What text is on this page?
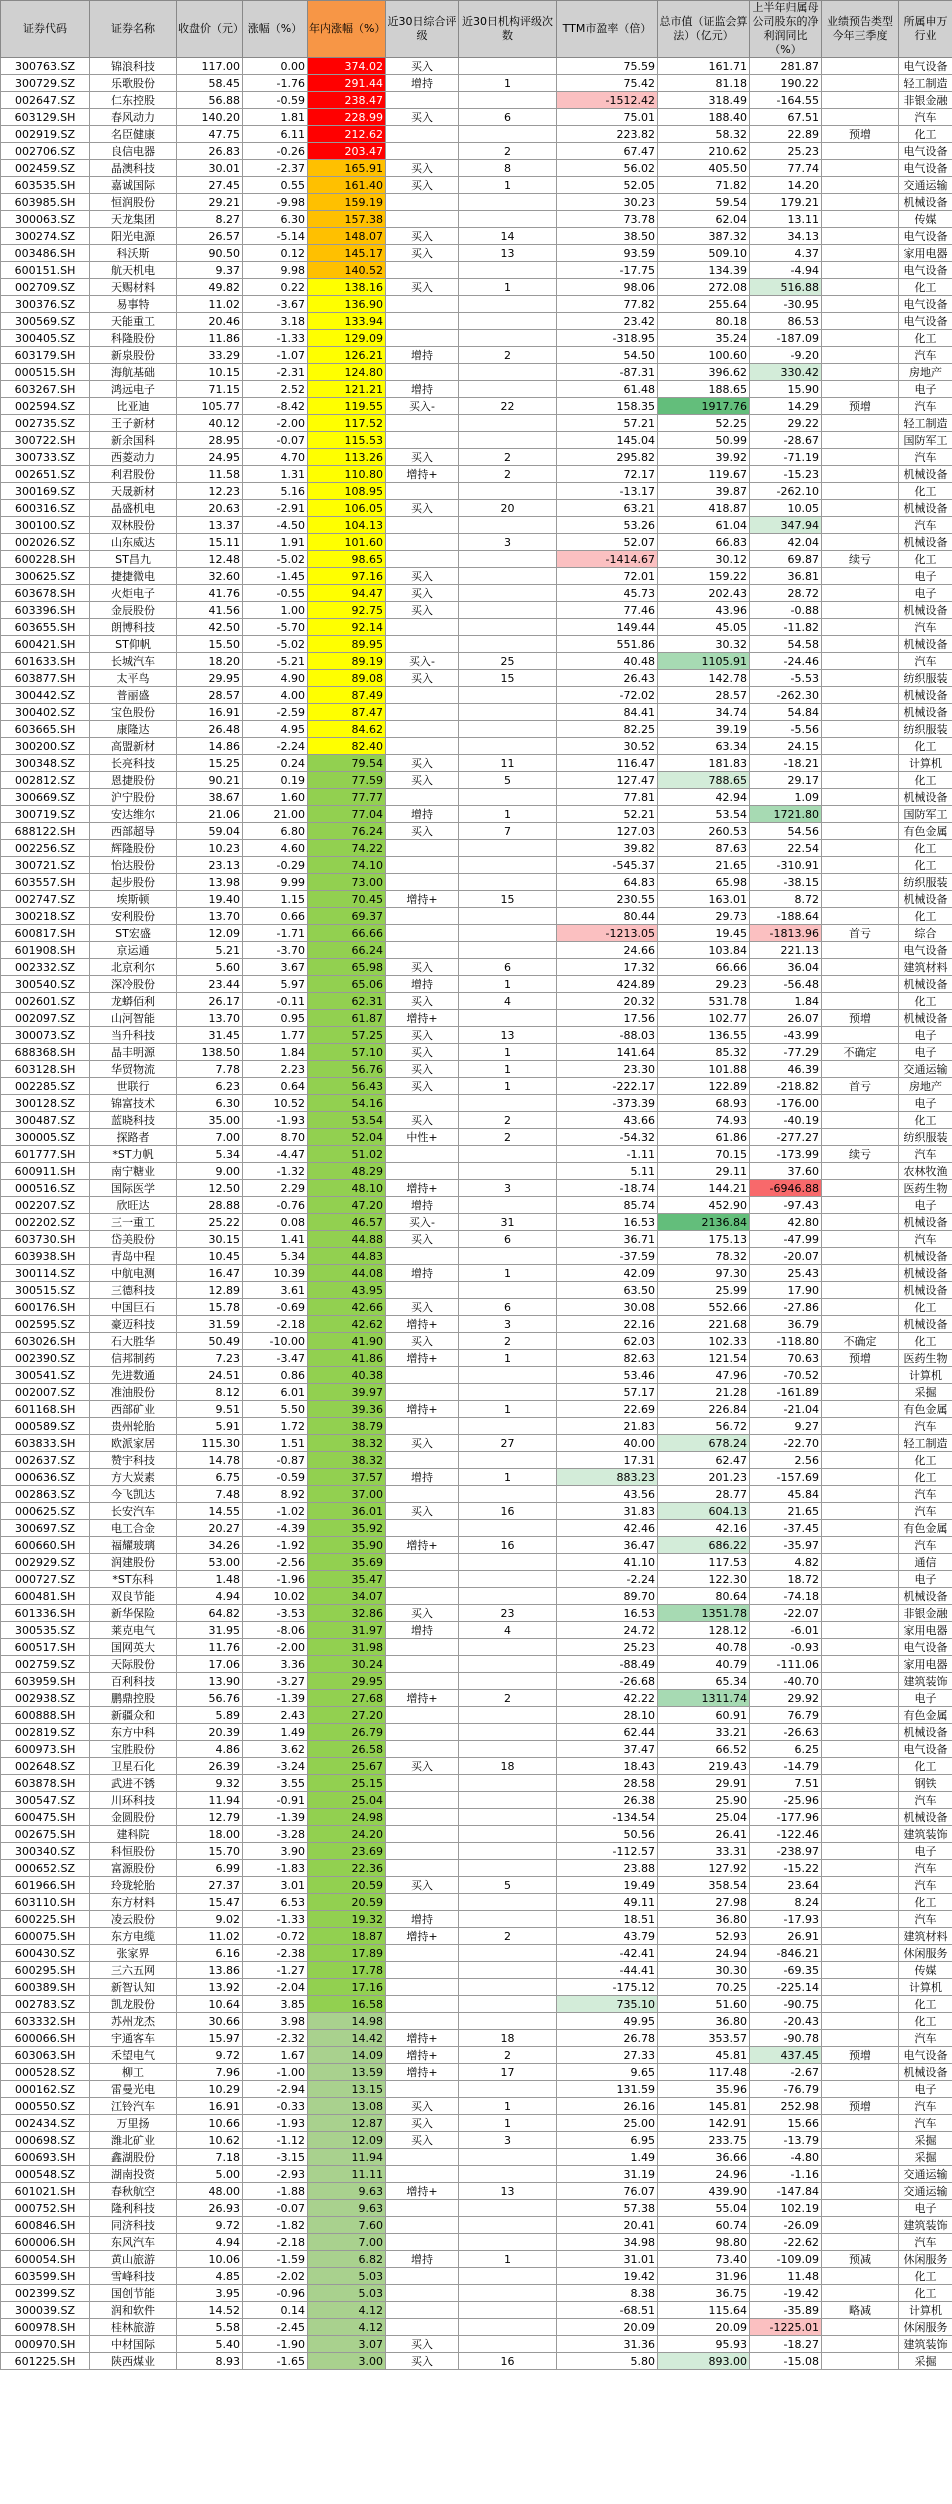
证券代码	证券名称	收盘价（元）	涨幅（%）	年内涨幅（%）	近30日综合评级	近30日机构评级次数	TTM市盈率（倍）	总市值（证监会算法）（亿元）	上半年归属母公司股东的净利润同比（%）	业绩预告类型今年三季度	所属申万行业
300763.SZ	锦浪科技	117.00	0.00	374.02	买入		75.59	161.71	281.87		电气设备
300729.SZ	乐歌股份	58.45	-1.76	291.44	增持	1	75.42	81.18	190.22		轻工制造
002647.SZ	仁东控股	56.88	-0.59	238.47			-1512.42	318.49	-164.55		非银金融
603129.SH	春风动力	140.20	1.81	228.99	买入	6	75.01	188.40	67.51		汽车
002919.SZ	名臣健康	47.75	6.11	212.62			223.82	58.32	22.89	预增	化工
002706.SZ	良信电器	26.83	-0.26	203.47		2	67.47	210.62	25.23		电气设备
002459.SZ	晶澳科技	30.01	-2.37	165.91	买入	8	56.02	405.50	77.74		电气设备
603535.SH	嘉诚国际	27.45	0.55	161.40	买入	1	52.05	71.82	14.20		交通运输
603985.SH	恒润股份	29.21	-9.98	159.19			30.23	59.54	179.21		机械设备
300063.SZ	天龙集团	8.27	6.30	157.38			73.78	62.04	13.11		传媒
300274.SZ	阳光电源	26.57	-5.14	148.07	买入	14	38.50	387.32	34.13		电气设备
003486.SH	科沃斯	90.50	0.12	145.17	买入	13	93.59	509.10	4.37		家用电器
600151.SH	航天机电	9.37	9.98	140.52			-17.75	134.39	-4.94		电气设备
002709.SZ	天赐材料	49.82	0.22	138.16	买入	1	98.06	272.08	516.88		化工
300376.SZ	易事特	11.02	-3.67	136.90			77.82	255.64	-30.95		电气设备
300569.SZ	天能重工	20.46	3.18	133.94			23.42	80.18	86.53		电气设备
300405.SZ	科隆股份	11.86	-1.33	129.09			-318.95	35.24	-187.09		化工
603179.SH	新泉股份	33.29	-1.07	126.21	增持	2	54.50	100.60	-9.20		汽车
000515.SH	海航基础	10.15	-2.31	124.80			-87.31	396.62	330.42		房地产
603267.SH	鸿远电子	71.15	2.52	121.21	增持		61.48	188.65	15.90		电子
002594.SZ	比亚迪	105.77	-8.42	119.55	买入-	22	158.35	1917.76	14.29	预增	汽车
002735.SZ	王子新材	40.12	-2.00	117.52			57.21	52.25	29.22		轻工制造
300722.SH	新余国科	28.95	-0.07	115.53			145.04	50.99	-28.67		国防军工
300733.SZ	西菱动力	24.95	4.70	113.26	买入	2	295.82	39.92	-71.19		汽车
002651.SZ	利君股份	11.58	1.31	110.80	增持+	2	72.17	119.67	-15.23		机械设备
300169.SZ	天晟新材	12.23	5.16	108.95			-13.17	39.87	-262.10		化工
600316.SZ	晶盛机电	20.63	-2.91	106.05	买入	20	63.21	418.87	10.05		机械设备
300100.SZ	双林股份	13.37	-4.50	104.13			53.26	61.04	347.94		汽车
002026.SZ	山东威达	15.11	1.91	101.60		3	52.07	66.83	42.04		机械设备
600228.SH	ST昌九	12.48	-5.02	98.65			-1414.67	30.12	69.87	续亏	化工
300625.SZ	捷捷微电	32.60	-1.45	97.16	买入		72.01	159.22	36.81		电子
603678.SH	火炬电子	41.76	-0.55	94.47	买入		45.73	202.43	28.72		电子
603396.SH	金辰股份	41.56	1.00	92.75	买入		77.46	43.96	-0.88		机械设备
603655.SH	朗博科技	42.50	-5.70	92.14			149.44	45.05	-11.82		汽车
600421.SH	ST仰帆	15.50	-5.02	89.95			551.86	30.32	54.58		机械设备
601633.SH	长城汽车	18.20	-5.21	89.19	买入-	25	40.48	1105.91	-24.46		汽车
603877.SH	太平鸟	29.95	4.90	89.08	买入	15	26.43	142.78	-5.53		纺织服装
300442.SZ	普丽盛	28.57	4.00	87.49			-72.02	28.57	-262.30		机械设备
300402.SZ	宝色股份	16.91	-2.59	87.47			84.41	34.74	54.84		机械设备
603665.SH	康隆达	26.48	4.95	84.62			82.25	39.19	-5.56		纺织服装
300200.SZ	高盟新材	14.86	-2.24	82.40			30.52	63.34	24.15		化工
300348.SZ	长亮科技	15.25	0.24	79.54	买入	11	116.47	181.83	-18.21		计算机
002812.SZ	恩捷股份	90.21	0.19	77.59	买入	5	127.47	788.65	29.17		化工
300669.SZ	沪宁股份	38.67	1.60	77.77			77.81	42.94	1.09		机械设备
300719.SZ	安达维尔	21.06	21.00	77.04	增持	1	52.21	53.54	1721.80		国防军工
688122.SH	西部超导	59.04	6.80	76.24	买入	7	127.03	260.53	54.56		有色金属
002256.SZ	辉隆股份	10.23	4.60	74.22			39.82	87.63	22.54		化工
300721.SZ	怡达股份	23.13	-0.29	74.10			-545.37	21.65	-310.91		化工
603557.SH	起步股份	13.98	9.99	73.00			64.83	65.98	-38.15		纺织服装
002747.SZ	埃斯顿	19.40	1.15	70.45	增持+	15	230.55	163.01	8.72		机械设备
300218.SZ	安利股份	13.70	0.66	69.37			80.44	29.73	-188.64		化工
600817.SH	ST宏盛	12.09	-1.71	66.66			-1213.05	19.45	-1813.96	首亏	综合
601908.SH	京运通	5.21	-3.70	66.24			24.66	103.84	221.13		电气设备
002332.SZ	北京利尔	5.60	3.67	65.98	买入	6	17.32	66.66	36.04		建筑材料
300540.SZ	深冷股份	23.44	5.97	65.06	增持	1	424.89	29.23	-56.48		机械设备
002601.SZ	龙蟒佰利	26.17	-0.11	62.31	买入	4	20.32	531.78	1.84		化工
002097.SZ	山河智能	13.70	0.95	61.87	增持+		17.56	102.77	26.07	预增	机械设备
300073.SZ	当升科技	31.45	1.77	57.25	买入	13	-88.03	136.55	-43.99		电子
688368.SH	晶丰明源	138.50	1.84	57.10	买入	1	141.64	85.32	-77.29	不确定	电子
603128.SH	华贸物流	7.78	2.23	56.76	买入	1	23.30	101.88	46.39		交通运输
002285.SZ	世联行	6.23	0.64	56.43	买入	1	-222.17	122.89	-218.82	首亏	房地产
300128.SZ	锦富技术	6.30	10.52	54.16			-373.39	68.93	-176.00		电子
300487.SZ	蓝晓科技	35.00	-1.93	53.54	买入	2	43.66	74.93	-40.19		化工
300005.SZ	探路者	7.00	8.70	52.04	中性+	2	-54.32	61.86	-277.27		纺织服装
601777.SH	*ST力帆	5.34	-4.47	51.02			-1.11	70.15	-173.99	续亏	汽车
600911.SH	南宁糖业	9.00	-1.32	48.29			5.11	29.11	37.60		农林牧渔
000516.SZ	国际医学	12.50	2.29	48.10	增持+	3	-18.74	144.21	-6946.88		医药生物
002207.SZ	欣旺达	28.88	-0.76	47.20	增持		85.74	452.90	-97.43		电子
002202.SZ	三一重工	25.22	0.08	46.57	买入-	31	16.53	2136.84	42.80		机械设备
603730.SH	岱美股份	30.15	1.41	44.88	买入	6	36.71	175.13	-47.99		汽车
603938.SH	青岛中程	10.45	5.34	44.83			-37.59	78.32	-20.07		机械设备
300114.SZ	中航电测	16.47	10.39	44.08	增持	1	42.09	97.30	25.43		机械设备
300515.SZ	三德科技	12.89	3.61	43.95			63.50	25.99	17.90		机械设备
600176.SH	中国巨石	15.78	-0.69	42.66	买入	6	30.08	552.66	-27.86		化工
002595.SZ	豪迈科技	31.59	-2.18	42.62	增持+	3	22.16	221.68	36.79		机械设备
603026.SH	石大胜华	50.49	-10.00	41.90	买入	2	62.03	102.33	-118.80	不确定	化工
002390.SZ	信邦制药	7.23	-3.47	41.86	增持+	1	82.63	121.54	70.63	预增	医药生物
300541.SZ	先进数通	24.51	0.86	40.38			53.46	47.96	-70.52		计算机
002007.SZ	准油股份	8.12	6.01	39.97			57.17	21.28	-161.89		采掘
601168.SH	西部矿业	9.51	5.50	39.36	增持+	1	22.69	226.84	-21.04		有色金属
000589.SZ	贵州轮胎	5.91	1.72	38.79			21.83	56.72	9.27		汽车
603833.SH	欧派家居	115.30	1.51	38.32	买入	27	40.00	678.24	-22.70		轻工制造
002637.SZ	赞宇科技	14.78	-0.87	38.32			17.31	62.47	2.56		化工
000636.SZ	方大炭素	6.75	-0.59	37.57	增持	1	883.23	201.23	-157.69		化工
002863.SZ	今飞凯达	7.48	8.92	37.00			43.56	28.77	45.84		汽车
000625.SZ	长安汽车	14.55	-1.02	36.01	买入	16	31.83	604.13	21.65		汽车
300697.SZ	电工合金	20.27	-4.39	35.92			42.46	42.16	-37.45		有色金属
600660.SH	福耀玻璃	34.26	-1.92	35.90	增持+	16	36.47	686.22	-35.97		汽车
002929.SZ	润建股份	53.00	-2.56	35.69			41.10	117.53	4.82		通信
000727.SZ	*ST东科	1.48	-1.96	35.47			-2.24	122.30	18.72		电子
600481.SH	双良节能	4.94	10.02	34.07			89.70	80.64	-74.18		机械设备
601336.SH	新华保险	64.82	-3.53	32.86	买入	23	16.53	1351.78	-22.07		非银金融
300535.SZ	莱克电气	31.95	-8.06	31.97	增持	4	24.72	128.12	-6.01		家用电器
600517.SH	国网英大	11.76	-2.00	31.98			25.23	40.78	-0.93		电气设备
002759.SZ	天际股份	17.06	3.36	30.24			-88.49	40.79	-111.06		家用电器
603959.SH	百利科技	13.90	-3.27	29.95			-26.68	65.34	-40.70		建筑装饰
002938.SZ	鹏鼎控股	56.76	-1.39	27.68	增持+	2	42.22	1311.74	29.92		电子
600888.SH	新疆众和	5.89	2.43	27.20			28.10	60.91	76.79		有色金属
002819.SZ	东方中科	20.39	1.49	26.79			62.44	33.21	-26.63		机械设备
600973.SH	宝胜股份	4.86	3.62	26.58			37.47	66.52	6.25		电气设备
002648.SZ	卫星石化	26.39	-3.24	25.67	买入	18	18.43	219.43	-14.79		化工
603878.SH	武进不锈	9.32	3.55	25.15			28.58	29.91	7.51		钢铁
300547.SZ	川环科技	11.94	-0.91	25.04			26.38	25.90	-25.96		汽车
600475.SH	金圆股份	12.79	-1.39	24.98			-134.54	25.04	-177.96		机械设备
002675.SH	建科院	18.00	-3.28	24.20			50.56	26.41	-122.46		建筑装饰
300340.SZ	科恒股份	15.70	3.90	23.69			-112.57	33.31	-238.97		电子
000652.SZ	富源股份	6.99	-1.83	22.36			23.88	127.92	-15.22		汽车
601966.SH	玲珑轮胎	27.37	3.01	20.59	买入	5	19.49	358.54	23.64		汽车
603110.SH	东方材料	15.47	6.53	20.59			49.11	27.98	8.24		化工
600225.SH	凌云股份	9.02	-1.33	19.32	增持		18.51	36.80	-17.93		汽车
600075.SH	东方电缆	11.02	-0.72	18.87	增持+	2	43.79	52.93	26.91		建筑材料
600430.SZ	张家界	6.16	-2.38	17.89			-42.41	24.94	-846.21		休闲服务
600295.SH	三六五网	13.86	-1.27	17.78			-44.41	30.30	-69.35		传媒
600389.SH	新智认知	13.92	-2.04	17.16			-175.12	70.25	-225.14		计算机
002783.SZ	凯龙股份	10.64	3.85	16.58			735.10	51.60	-90.75		化工
603332.SH	苏州龙杰	30.66	3.98	14.98			49.95	36.80	-20.43		化工
600066.SH	宇通客车	15.97	-2.32	14.42	增持+	18	26.78	353.57	-90.78		汽车
603063.SH	禾望电气	9.72	1.67	14.09	增持+	2	27.33	45.81	437.45	预增	电气设备
000528.SZ	柳工	7.96	-1.00	13.59	增持+	17	9.65	117.48	-2.67		机械设备
000162.SZ	雷曼光电	10.29	-2.94	13.15			131.59	35.96	-76.79		电子
000550.SZ	江铃汽车	16.91	-0.33	13.08	买入	1	26.16	145.81	252.98	预增	汽车
002434.SZ	万里扬	10.66	-1.93	12.87	买入	1	25.00	142.91	15.66		汽车
000698.SZ	潍北矿业	10.62	-1.12	12.09	买入	3	6.95	233.75	-13.79		采掘
600693.SH	鑫湖股份	7.18	-3.15	11.94			1.49	36.66	-4.80		采掘
000548.SZ	湖南投资	5.00	-2.93	11.11			31.19	24.96	-1.16		交通运输
601021.SH	春秋航空	48.00	-1.88	9.63	增持+	13	76.07	439.90	-147.84		交通运输
000752.SH	隆利科技	26.93	-0.07	9.63			57.38	55.04	102.19		电子
600846.SH	同济科技	9.72	-1.82	7.60			20.41	60.74	-26.09		建筑装饰
600006.SH	东风汽车	4.94	-2.18	7.00			34.98	98.80	-22.62		汽车
600054.SH	黄山旅游	10.06	-1.59	6.82	增持	1	31.01	73.40	-109.09	预减	休闲服务
603599.SH	雪峰科技	4.85	-2.02	5.03			19.42	31.96	11.48		化工
002399.SZ	国创节能	3.95	-0.96	5.03			8.38	36.75	-19.42		化工
300039.SZ	润和软件	14.52	0.14	4.12			-68.51	115.64	-35.89	略减	计算机
600978.SH	桂林旅游	5.58	-2.45	4.12			20.09	20.09	-1225.01		休闲服务
000970.SH	中材国际	5.40	-1.90	3.07	买入		31.36	95.93	-18.27		建筑装饰
601225.SH	陕西煤业	8.93	-1.65	3.00	买入	16	5.80	893.00	-15.08		采掘
